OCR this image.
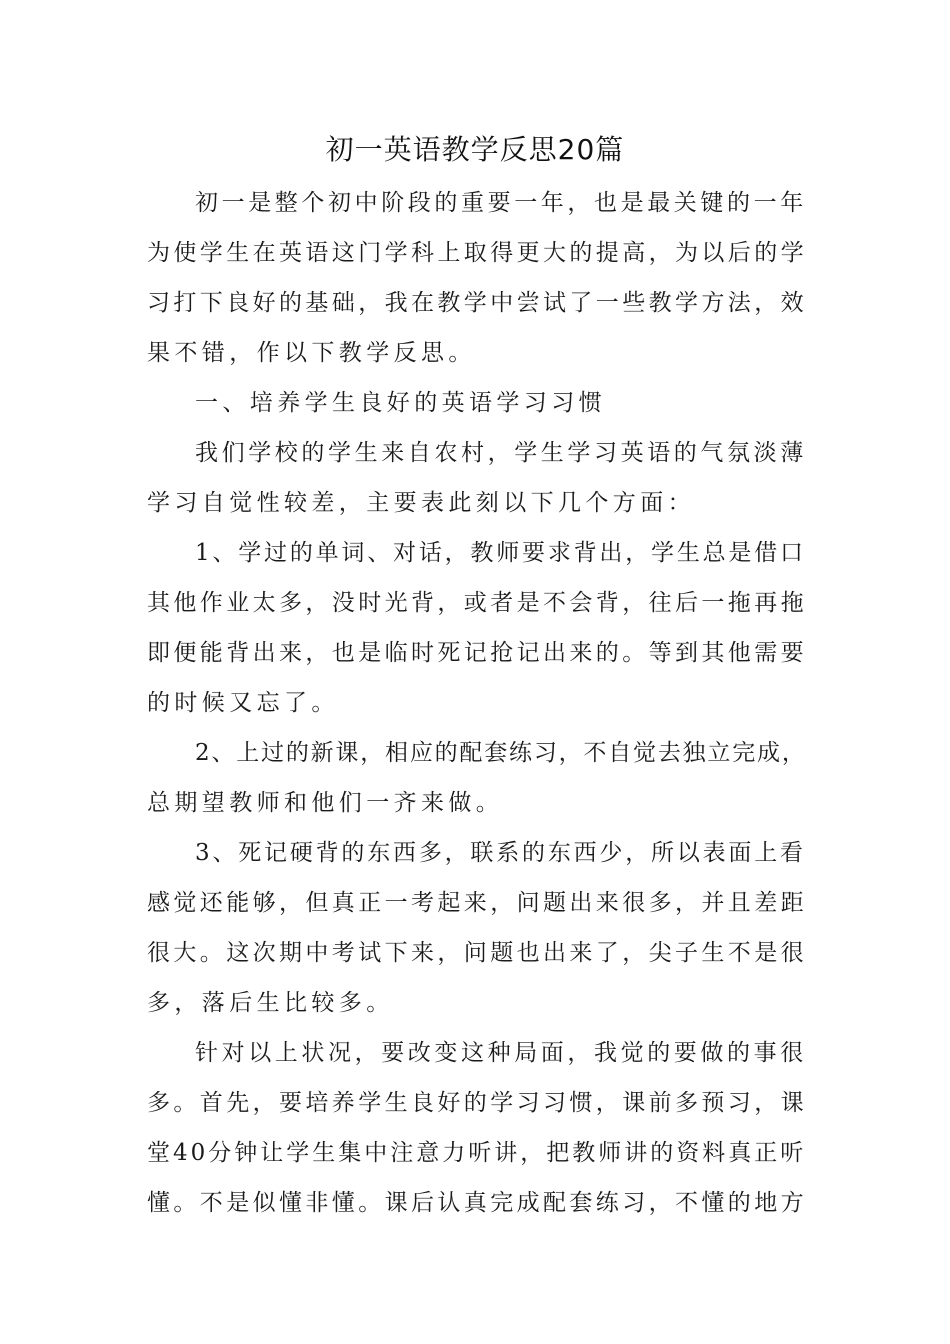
初一英语教学反思20篇
初一是整个初中阶段的重要一年，也是最关键的一年
为使学生在英语这门学科上取得更大的提高，为以后的学
习打下良好的基础，我在教学中尝试了一些教学方法，效
果不错，作以下教学反思。
一、培养学生良好的英语学习习惯
我们学校的学生来自农村，学生学习英语的气氛淡薄
学习自觉性较差，主要表此刻以下几个方面：
1、学过的单词、对话，教师要求背出，学生总是借口
其他作业太多，没时光背，或者是不会背，往后一拖再拖
即便能背出来，也是临时死记抢记出来的。等到其他需要
的时候又忘了。
2、上过的新课，相应的配套练习，不自觉去独立完成，
总期望教师和他们一齐来做。
3、死记硬背的东西多，联系的东西少，所以表面上看
感觉还能够，但真正一考起来，问题出来很多，并且差距
很大。这次期中考试下来，问题也出来了，尖子生不是很
多，落后生比较多。
针对以上状况，要改变这种局面，我觉的要做的事很
多。首先，要培养学生良好的学习习惯，课前多预习，课
堂40分钟让学生集中注意力听讲，把教师讲的资料真正听
懂。不是似懂非懂。课后认真完成配套练习，不懂的地方
